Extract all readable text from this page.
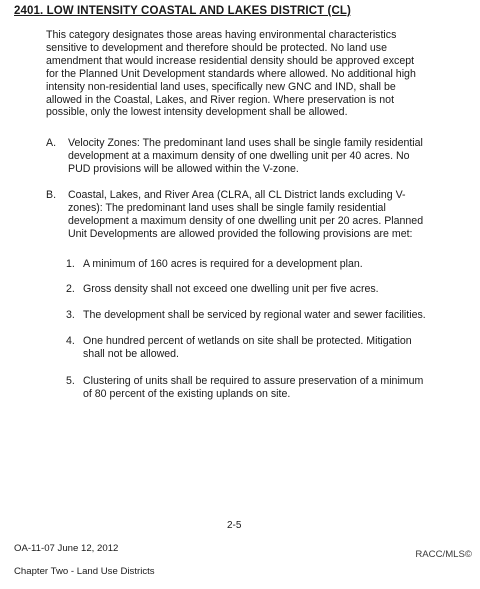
2401. LOW INTENSITY COASTAL AND LAKES DISTRICT (CL)
This category designates those areas having environmental characteristics
sensitive to development and therefore should be protected. No land use
amendment that would increase residential density should be approved except
for the Planned Unit Development standards where allowed. No additional high
intensity non-residential land uses, specifically new GNC and IND, shall be
allowed in the Coastal, Lakes, and River region. Where preservation is not
possible, only the lowest intensity development shall be allowed.
A.	Velocity Zones: The predominant land uses shall be single family residential
development at a maximum density of one dwelling unit per 40 acres. No
PUD provisions will be allowed within the V-zone.
B.	Coastal, Lakes, and River Area (CLRA, all CL District lands excluding V-
zones): The predominant land uses shall be single family residential
development a maximum density of one dwelling unit per 20 acres. Planned
Unit Developments are allowed provided the following provisions are met:
1. A minimum of 160 acres is required for a development plan.
2. Gross density shall not exceed one dwelling unit per five acres.
3. The development shall be serviced by regional water and sewer facilities.
4. One hundred percent of wetlands on site shall be protected. Mitigation
shall not be allowed.
5. Clustering of units shall be required to assure preservation of a minimum
of 80 percent of the existing uplands on site.
2-5

OA-11-07 June 12, 2012

Chapter Two - Land Use Districts

RACC/MLS©
